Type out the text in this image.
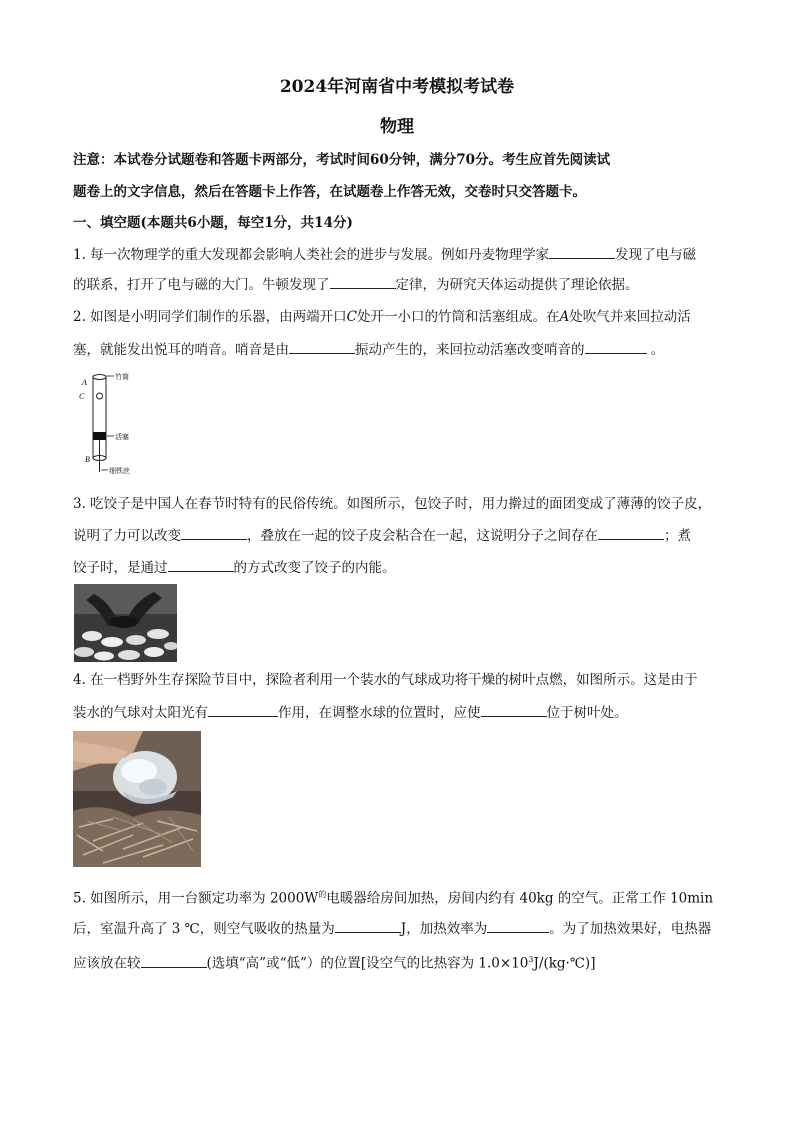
2024年河南省中考模拟考试卷
物理
注意：本试卷分试题卷和答题卡两部分，考试时间60分钟，满分70分。考生应首先阅读试
题卷上的文字信息，然后在答题卡上作答，在试题卷上作答无效，交卷时只交答题卡。
一、填空题(本题共6小题，每空1分，共14分)
1. 每一次物理学的重大发现都会影响人类社会的进步与发展。例如丹麦物理学家	发现了电与磁
的联系，打开了电与磁的大门。牛顿发现了	定律，为研究天体运动提供了理论依据。
2. 如图是小明同学们制作的乐器，由两端开口C处开一小口的竹筒和活塞组成。在A处吹气并来回拉动活
塞，就能发出悦耳的哨音。哨音是由	振动产生的，来回拉动活塞改变哨音的	。
A
C
B
竹筒
活塞
细铁丝
3. 吃饺子是中国人在春节时特有的民俗传统。如图所示，包饺子时，用力擀过的面团变成了薄薄的饺子皮，
说明了力可以改变	，叠放在一起的饺子皮会粘合在一起，这说明分子之间存在	；煮
饺子时，是通过	的方式改变了饺子的内能。
4. 在一档野外生存探险节目中，探险者利用一个装水的气球成功将干燥的树叶点燃，如图所示。这是由于
装水的气球对太阳光有	作用，在调整水球的位置时，应使	位于树叶处。
5. 如图所示，用一台额定功率为 $2000W^的$电暖器给房间加热，房间内约有 40kg 的空气。正常工作 10min
后，室温升高了 3 ℃，则空气吸收的热量为	J，加热效率为	。为了加热效果好，电热器
应该放在较	(选填“高”或“低”）的位置[设空气的比热容为 $1.0\times 10^3J/(kg\cdot℃)$]
